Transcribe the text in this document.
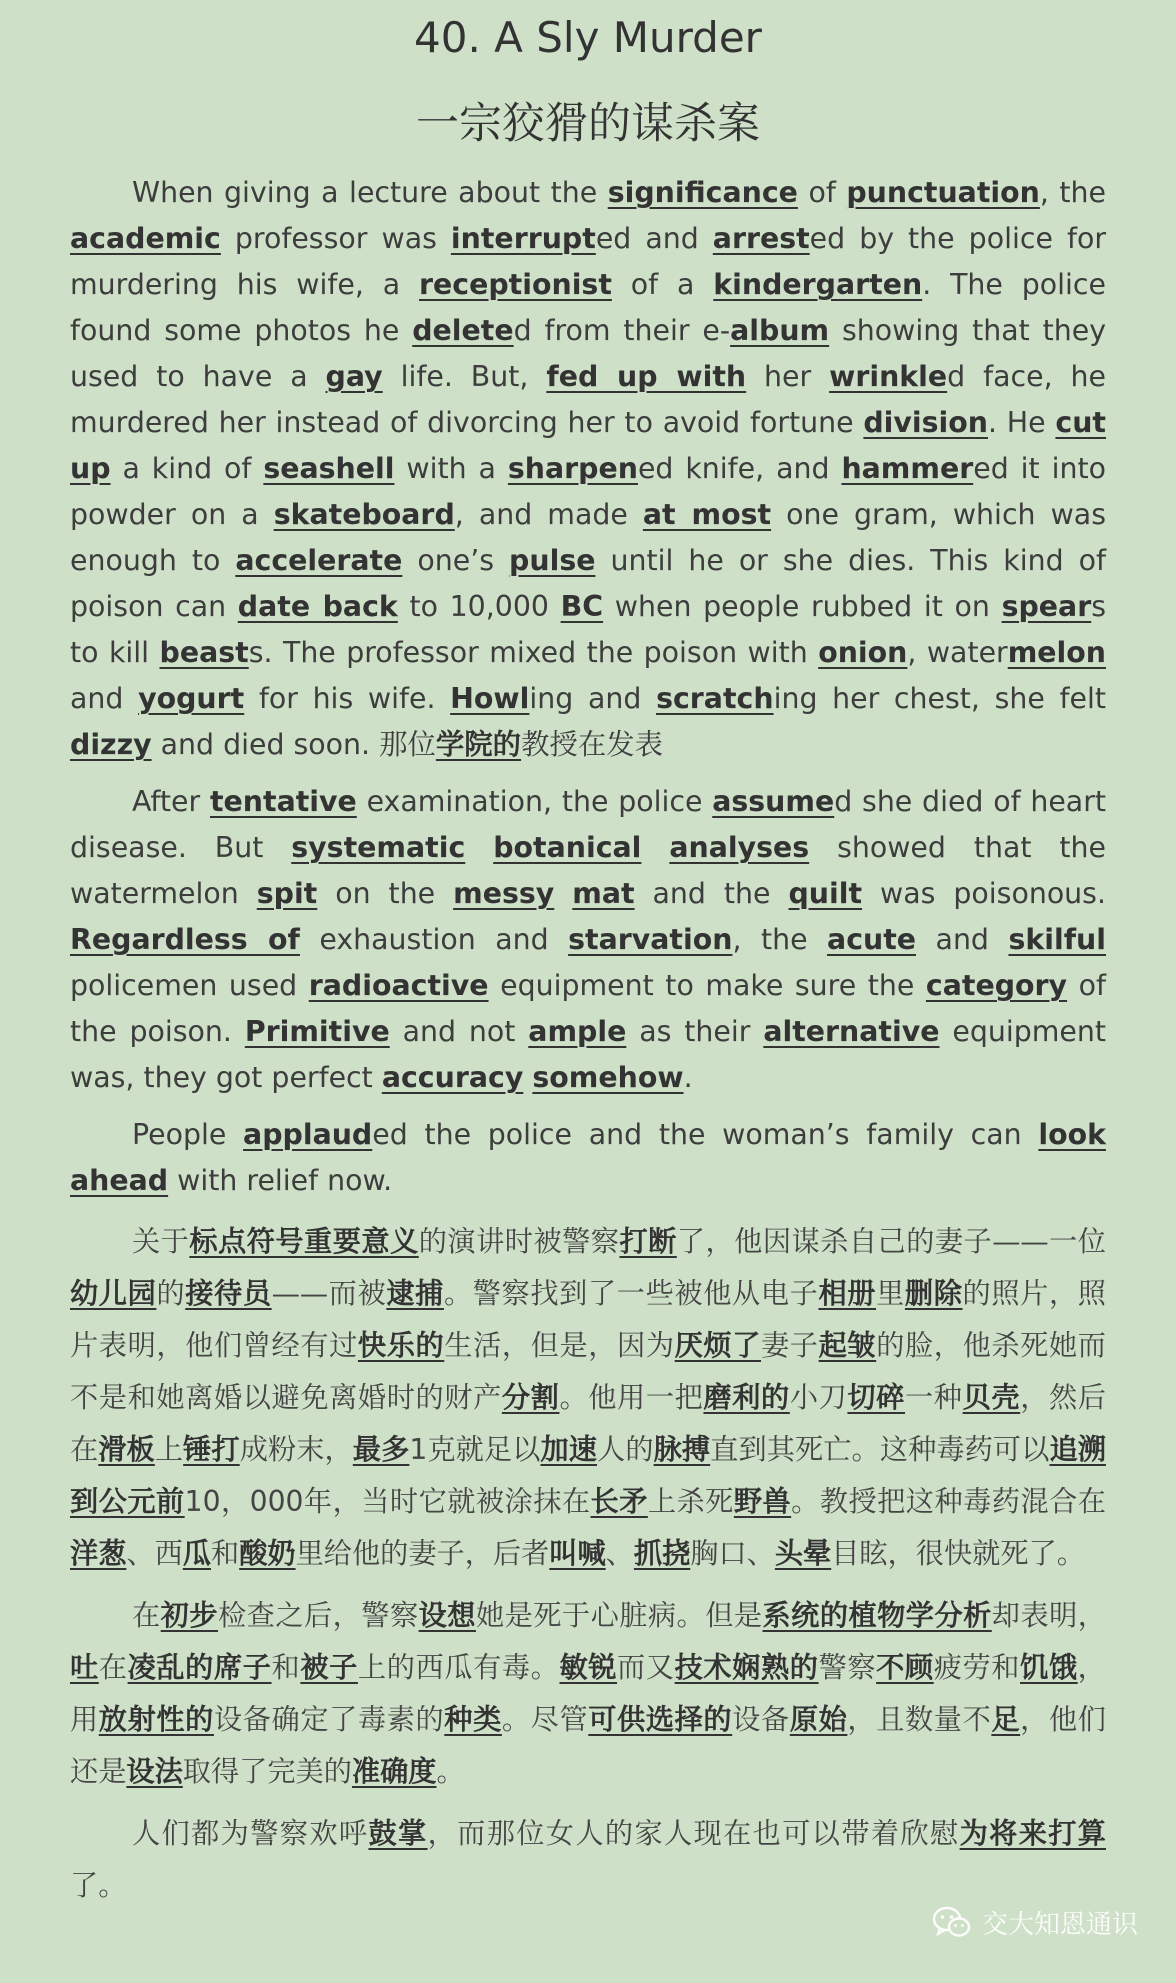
40. A Sly Murder
一宗狡猾的谋杀案

When giving a lecture about the significance of punctuation, the academic professor was interrupted and arrested by the police for murdering his wife, a receptionist of a kindergarten. The police found some photos he deleted from their e-album showing that they used to have a gay life. But, fed up with her wrinkled face, he murdered her instead of divorcing her to avoid fortune division. He cut up a kind of seashell with a sharpened knife, and hammered it into powder on a skateboard, and made at most one gram, which was enough to accelerate one’s pulse until he or she dies. This kind of poison can date back to 10,000 BC when people rubbed it on spears to kill beasts. The professor mixed the poison with onion, watermelon and yogurt for his wife. Howling and scratching her chest, she felt dizzy and died soon. 那位学院的教授在发表

After tentative examination, the police assumed she died of heart disease. But systematic botanical analyses showed that the watermelon spit on the messy mat and the quilt was poisonous. Regardless of exhaustion and starvation, the acute and skilful policemen used radioactive equipment to make sure the category of the poison. Primitive and not ample as their alternative equipment was, they got perfect accuracy somehow.

People applauded the police and the woman’s family can look ahead with relief now.

关于标点符号重要意义的演讲时被警察打断了，他因谋杀自己的妻子——一位幼儿园的接待员——而被逮捕。警察找到了一些被他从电子相册里删除的照片，照片表明，他们曾经有过快乐的生活，但是，因为厌烦了妻子起皱的脸，他杀死她而不是和她离婚以避免离婚时的财产分割。他用一把磨利的小刀切碎一种贝壳，然后在滑板上锤打成粉末，最多1克就足以加速人的脉搏直到其死亡。这种毒药可以追溯到公元前10，000年，当时它就被涂抹在长矛上杀死野兽。教授把这种毒药混合在洋葱、西瓜和酸奶里给他的妻子，后者叫喊、抓挠胸口、头晕目眩，很快就死了。

在初步检查之后，警察设想她是死于心脏病。但是系统的植物学分析却表明，吐在凌乱的席子和被子上的西瓜有毒。敏锐而又技术娴熟的警察不顾疲劳和饥饿，用放射性的设备确定了毒素的种类。尽管可供选择的设备原始，且数量不足，他们还是设法取得了完美的准确度。

人们都为警察欢呼鼓掌，而那位女人的家人现在也可以带着欣慰为将来打算了。

交大知恩通识
